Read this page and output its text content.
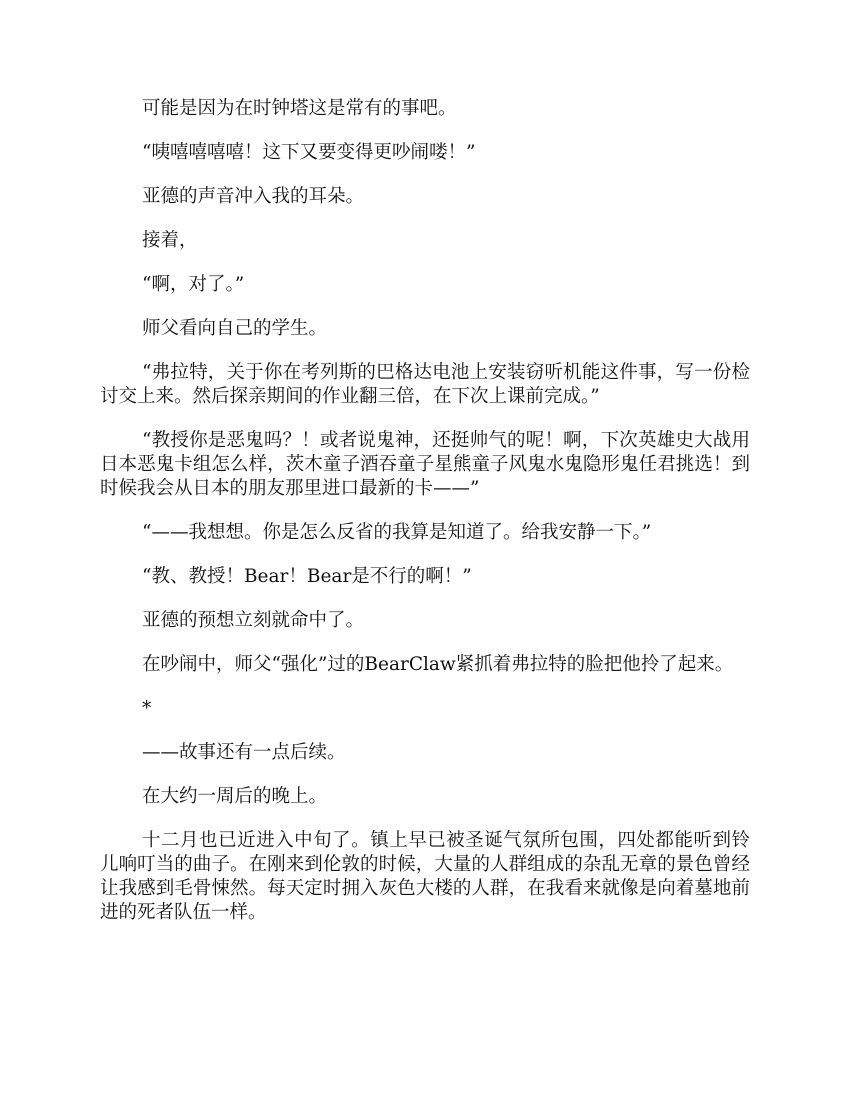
可能是因为在时钟塔这是常有的事吧。

“咦嘻嘻嘻嘻！这下又要变得更吵闹喽！”

亚德的声音冲入我的耳朵。

接着，

“啊，对了。”

师父看向自己的学生。

“弗拉特，关于你在考列斯的巴格达电池上安装窃听机能这件事，写一份检讨交上来。然后探亲期间的作业翻三倍，在下次上课前完成。”

“教授你是恶鬼吗？！或者说鬼神，还挺帅气的呢！啊，下次英雄史大战用日本恶鬼卡组怎么样，茨木童子酒吞童子星熊童子风鬼水鬼隐形鬼任君挑选！到时候我会从日本的朋友那里进口最新的卡——”

“——我想想。你是怎么反省的我算是知道了。给我安静一下。”

“教、教授！Bear！Bear是不行的啊！”

亚德的预想立刻就命中了。

在吵闹中，师父“强化”过的BearClaw紧抓着弗拉特的脸把他拎了起来。

*

——故事还有一点后续。

在大约一周后的晚上。

十二月也已近进入中旬了。镇上早已被圣诞气氛所包围，四处都能听到铃儿响叮当的曲子。在刚来到伦敦的时候，大量的人群组成的杂乱无章的景色曾经让我感到毛骨悚然。每天定时拥入灰色大楼的人群，在我看来就像是向着墓地前进的死者队伍一样。
